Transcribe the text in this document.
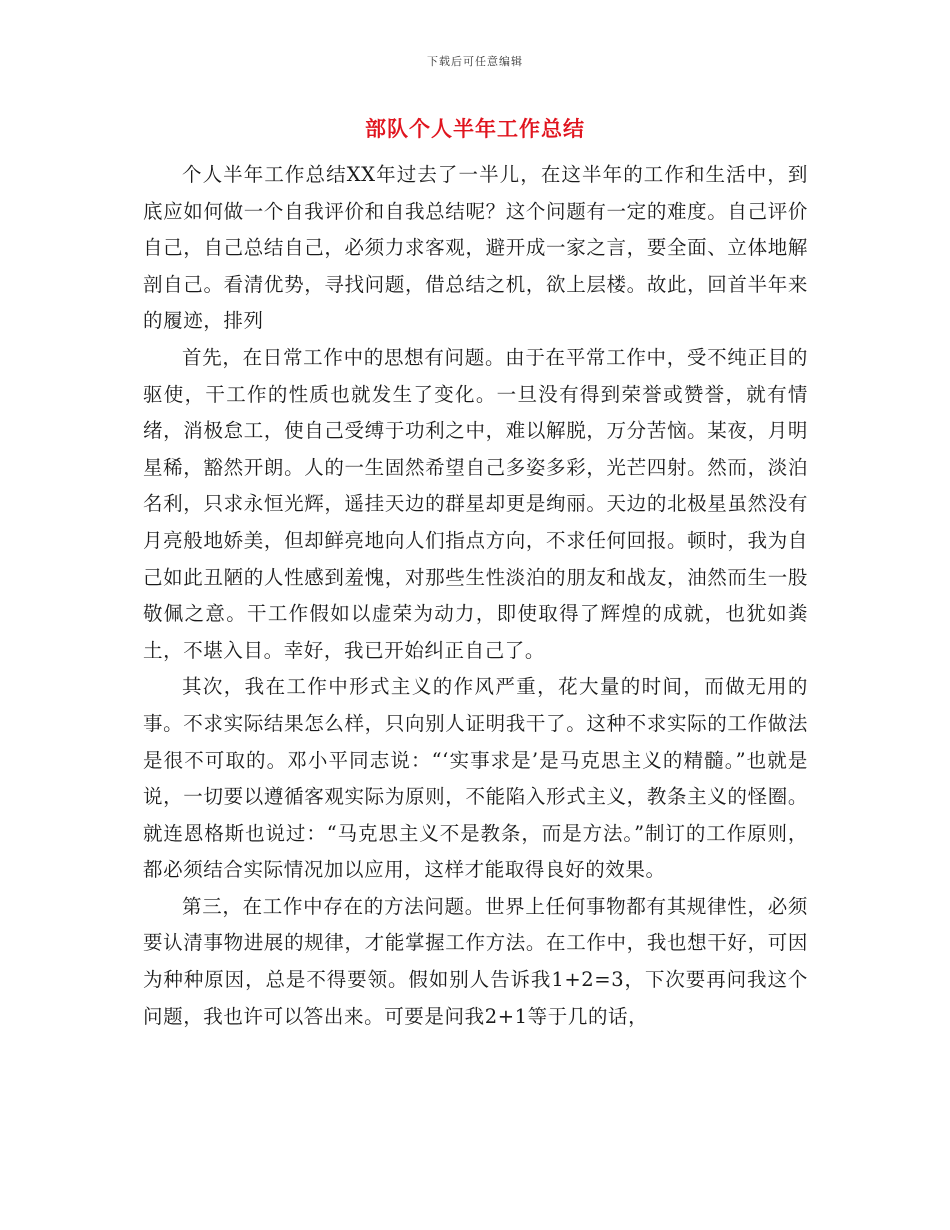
下载后可任意编辑
部队个人半年工作总结

个人半年工作总结XX年过去了一半儿，在这半年的工作和生活中，到底应如何做一个自我评价和自我总结呢？这个问题有一定的难度。自己评价自己，自己总结自己，必须力求客观，避开成一家之言，要全面、立体地解剖自己。看清优势，寻找问题，借总结之机，欲上层楼。故此，回首半年来的履迹，排列

首先，在日常工作中的思想有问题。由于在平常工作中，受不纯正目的驱使，干工作的性质也就发生了变化。一旦没有得到荣誉或赞誉，就有情绪，消极怠工，使自己受缚于功利之中，难以解脱，万分苦恼。某夜，月明星稀，豁然开朗。人的一生固然希望自己多姿多彩，光芒四射。然而，淡泊名利，只求永恒光辉，遥挂天边的群星却更是绚丽。天边的北极星虽然没有月亮般地娇美，但却鲜亮地向人们指点方向，不求任何回报。顿时，我为自己如此丑陋的人性感到羞愧，对那些生性淡泊的朋友和战友，油然而生一股敬佩之意。干工作假如以虚荣为动力，即使取得了辉煌的成就，也犹如粪土，不堪入目。幸好，我已开始纠正自己了。

其次，我在工作中形式主义的作风严重，花大量的时间，而做无用的事。不求实际结果怎么样，只向别人证明我干了。这种不求实际的工作做法是很不可取的。邓小平同志说：“‘实事求是’是马克思主义的精髓。”也就是说，一切要以遵循客观实际为原则，不能陷入形式主义，教条主义的怪圈。就连恩格斯也说过：“马克思主义不是教条，而是方法。”制订的工作原则，都必须结合实际情况加以应用，这样才能取得良好的效果。

第三，在工作中存在的方法问题。世界上任何事物都有其规律性，必须要认清事物进展的规律，才能掌握工作方法。在工作中，我也想干好，可因为种种原因，总是不得要领。假如别人告诉我1+2=3，下次要再问我这个问题，我也许可以答出来。可要是问我2+1等于几的话，
